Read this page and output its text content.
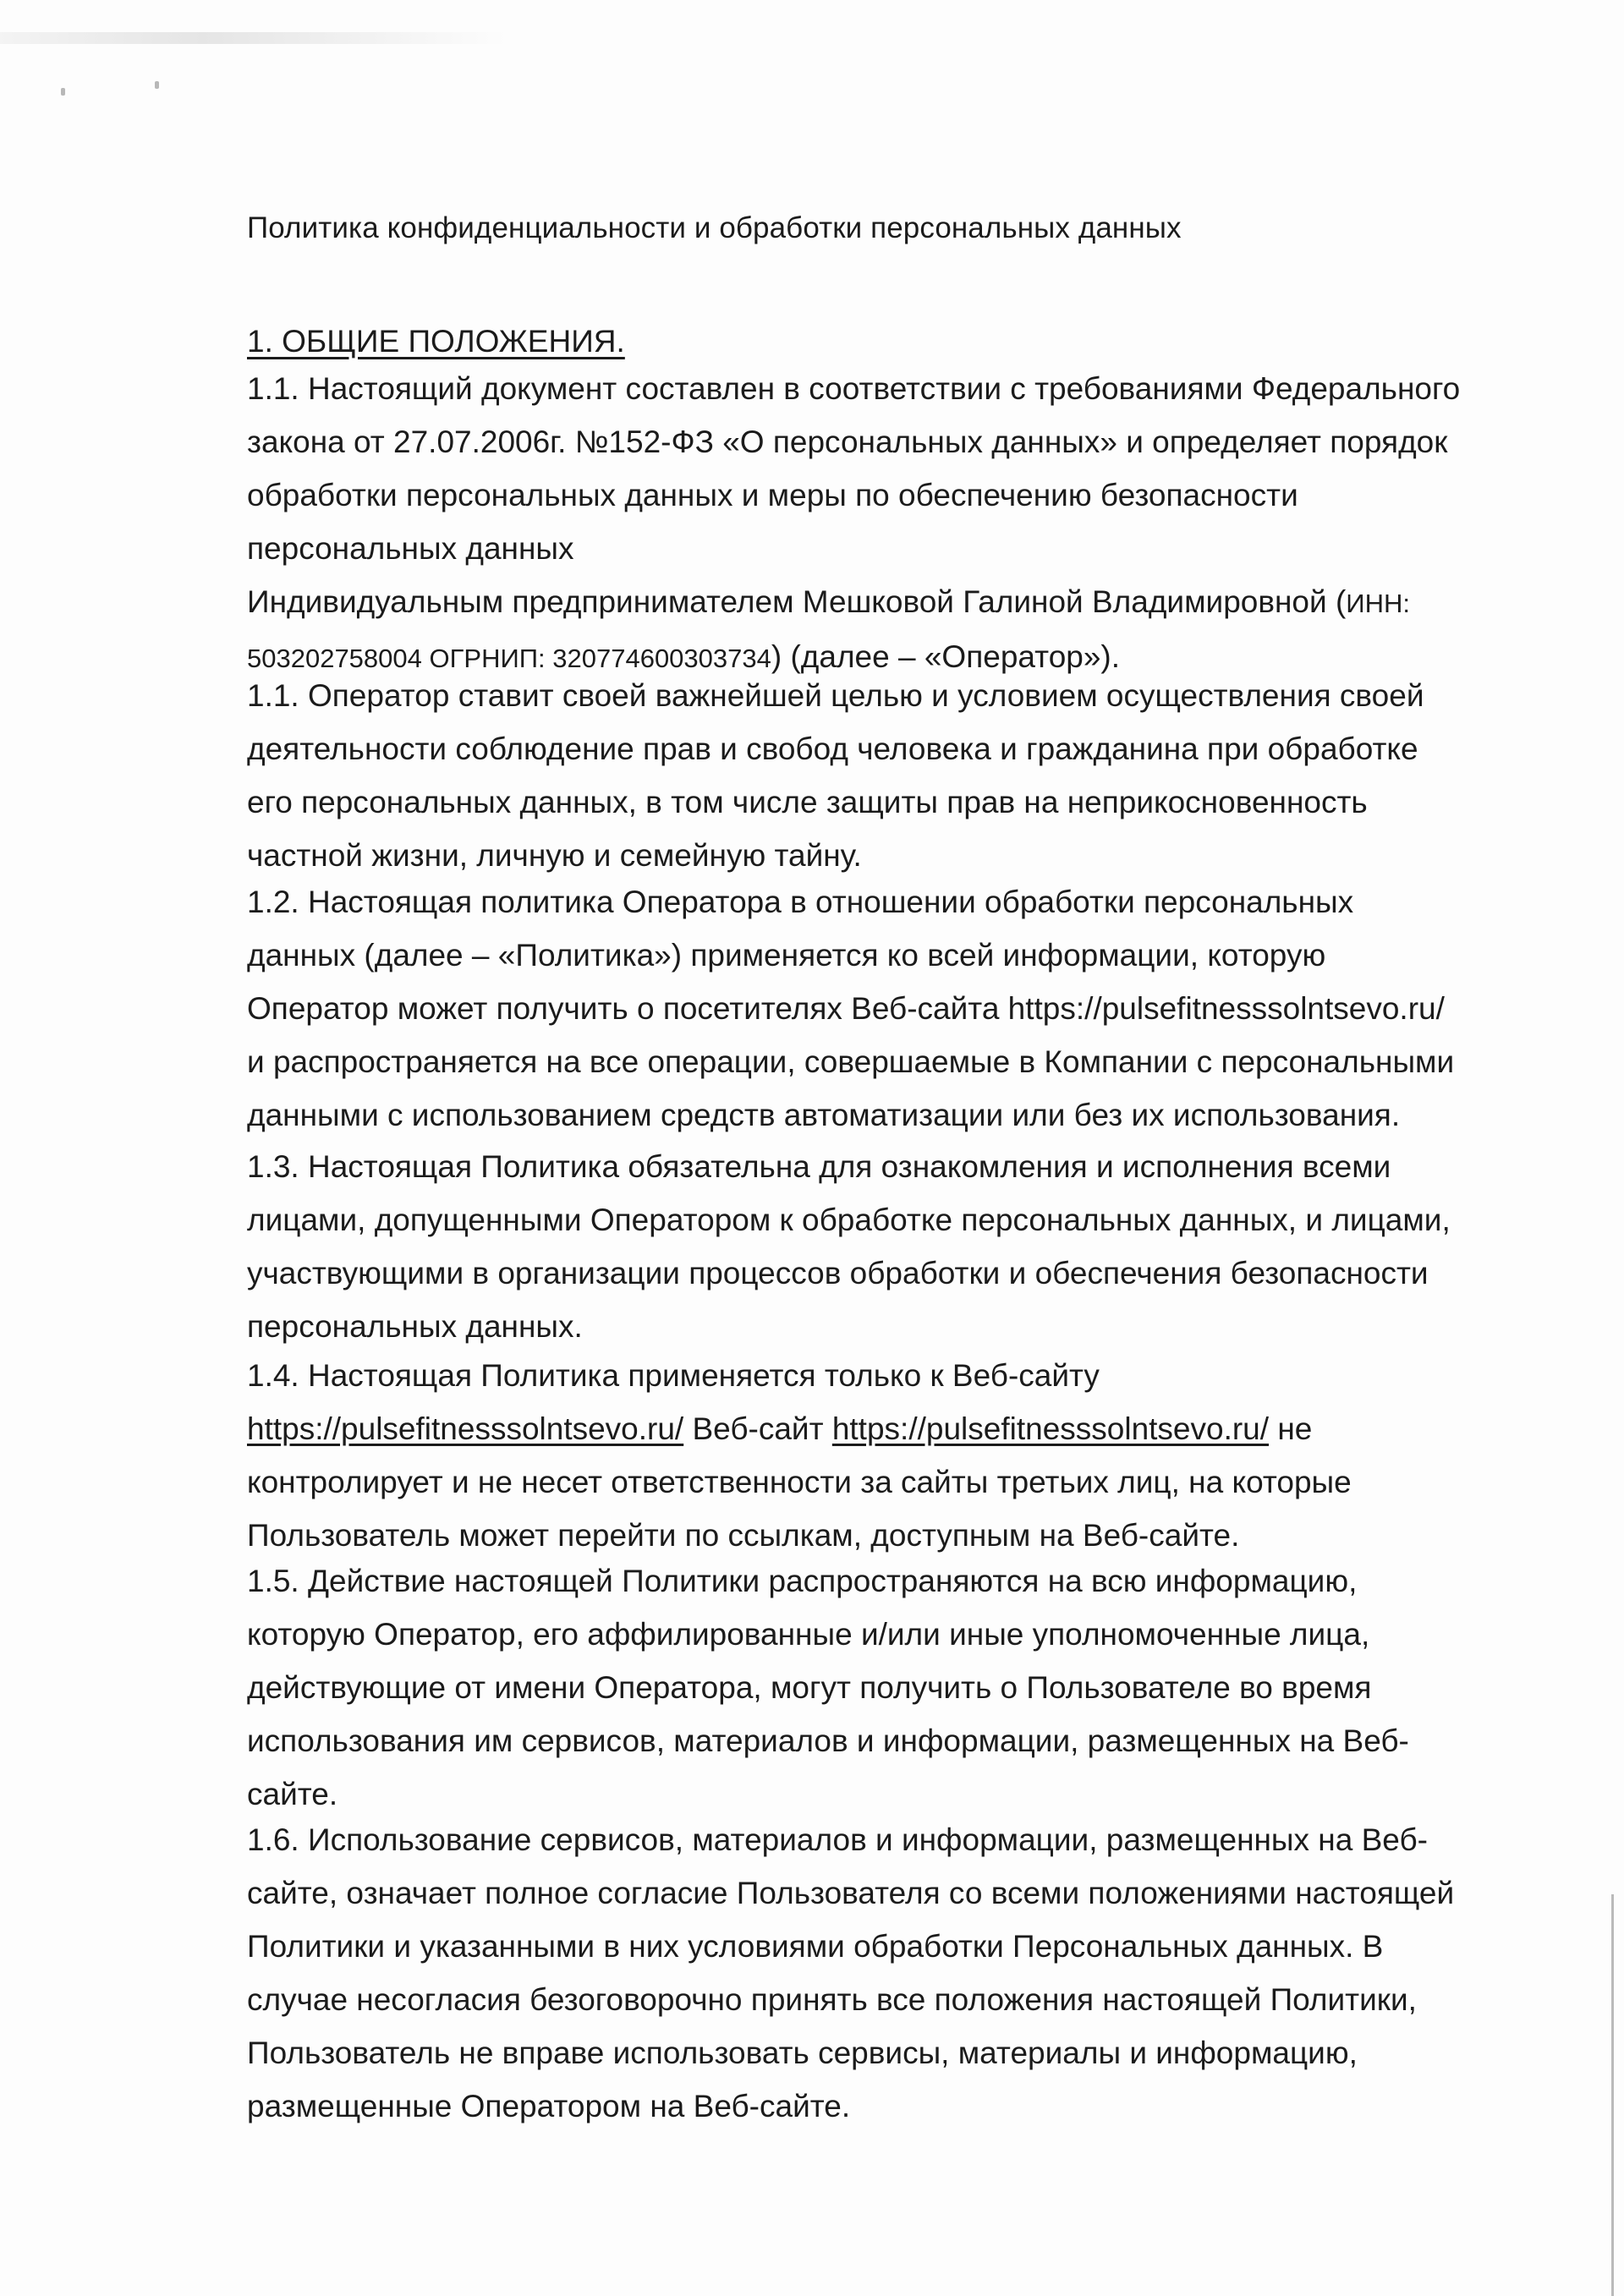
Политика конфиденциальности и обработки персональных данных
1. ОБЩИЕ ПОЛОЖЕНИЯ.
1.1. Настоящий документ составлен в соответствии с требованиями Федерального
закона от 27.07.2006г. №152-ФЗ «О персональных данных» и определяет порядок
обработки персональных данных и меры по обеспечению безопасности
персональных данных
Индивидуальным предпринимателем Мешковой Галиной Владимировной (ИНН:
503202758004 ОГРНИП: 320774600303734) (далее – «Оператор»).
1.1. Оператор ставит своей важнейшей целью и условием осуществления своей
деятельности соблюдение прав и свобод человека и гражданина при обработке
его персональных данных, в том числе защиты прав на неприкосновенность
частной жизни, личную и семейную тайну.
1.2. Настоящая политика Оператора в отношении обработки персональных
данных (далее – «Политика») применяется ко всей информации, которую
Оператор может получить о посетителях Веб-сайта https://pulsefitnesssolntsevo.ru/
и распространяется на все операции, совершаемые в Компании с персональными
данными с использованием средств автоматизации или без их использования.
1.3. Настоящая Политика обязательна для ознакомления и исполнения всеми
лицами, допущенными Оператором к обработке персональных данных, и лицами,
участвующими в организации процессов обработки и обеспечения безопасности
персональных данных.
1.4. Настоящая Политика применяется только к Веб-сайту
https://pulsefitnesssolntsevo.ru/ Веб-сайт https://pulsefitnesssolntsevo.ru/ не
контролирует и не несет ответственности за сайты третьих лиц, на которые
Пользователь может перейти по ссылкам, доступным на Веб-сайте.
1.5. Действие настоящей Политики распространяются на всю информацию,
которую Оператор, его аффилированные и/или иные уполномоченные лица,
действующие от имени Оператора, могут получить о Пользователе во время
использования им сервисов, материалов и информации, размещенных на Веб-
сайте.
1.6. Использование сервисов, материалов и информации, размещенных на Веб-
сайте, означает полное согласие Пользователя со всеми положениями настоящей
Политики и указанными в них условиями обработки Персональных данных. В
случае несогласия безоговорочно принять все положения настоящей Политики,
Пользователь не вправе использовать сервисы, материалы и информацию,
размещенные Оператором на Веб-сайте.
